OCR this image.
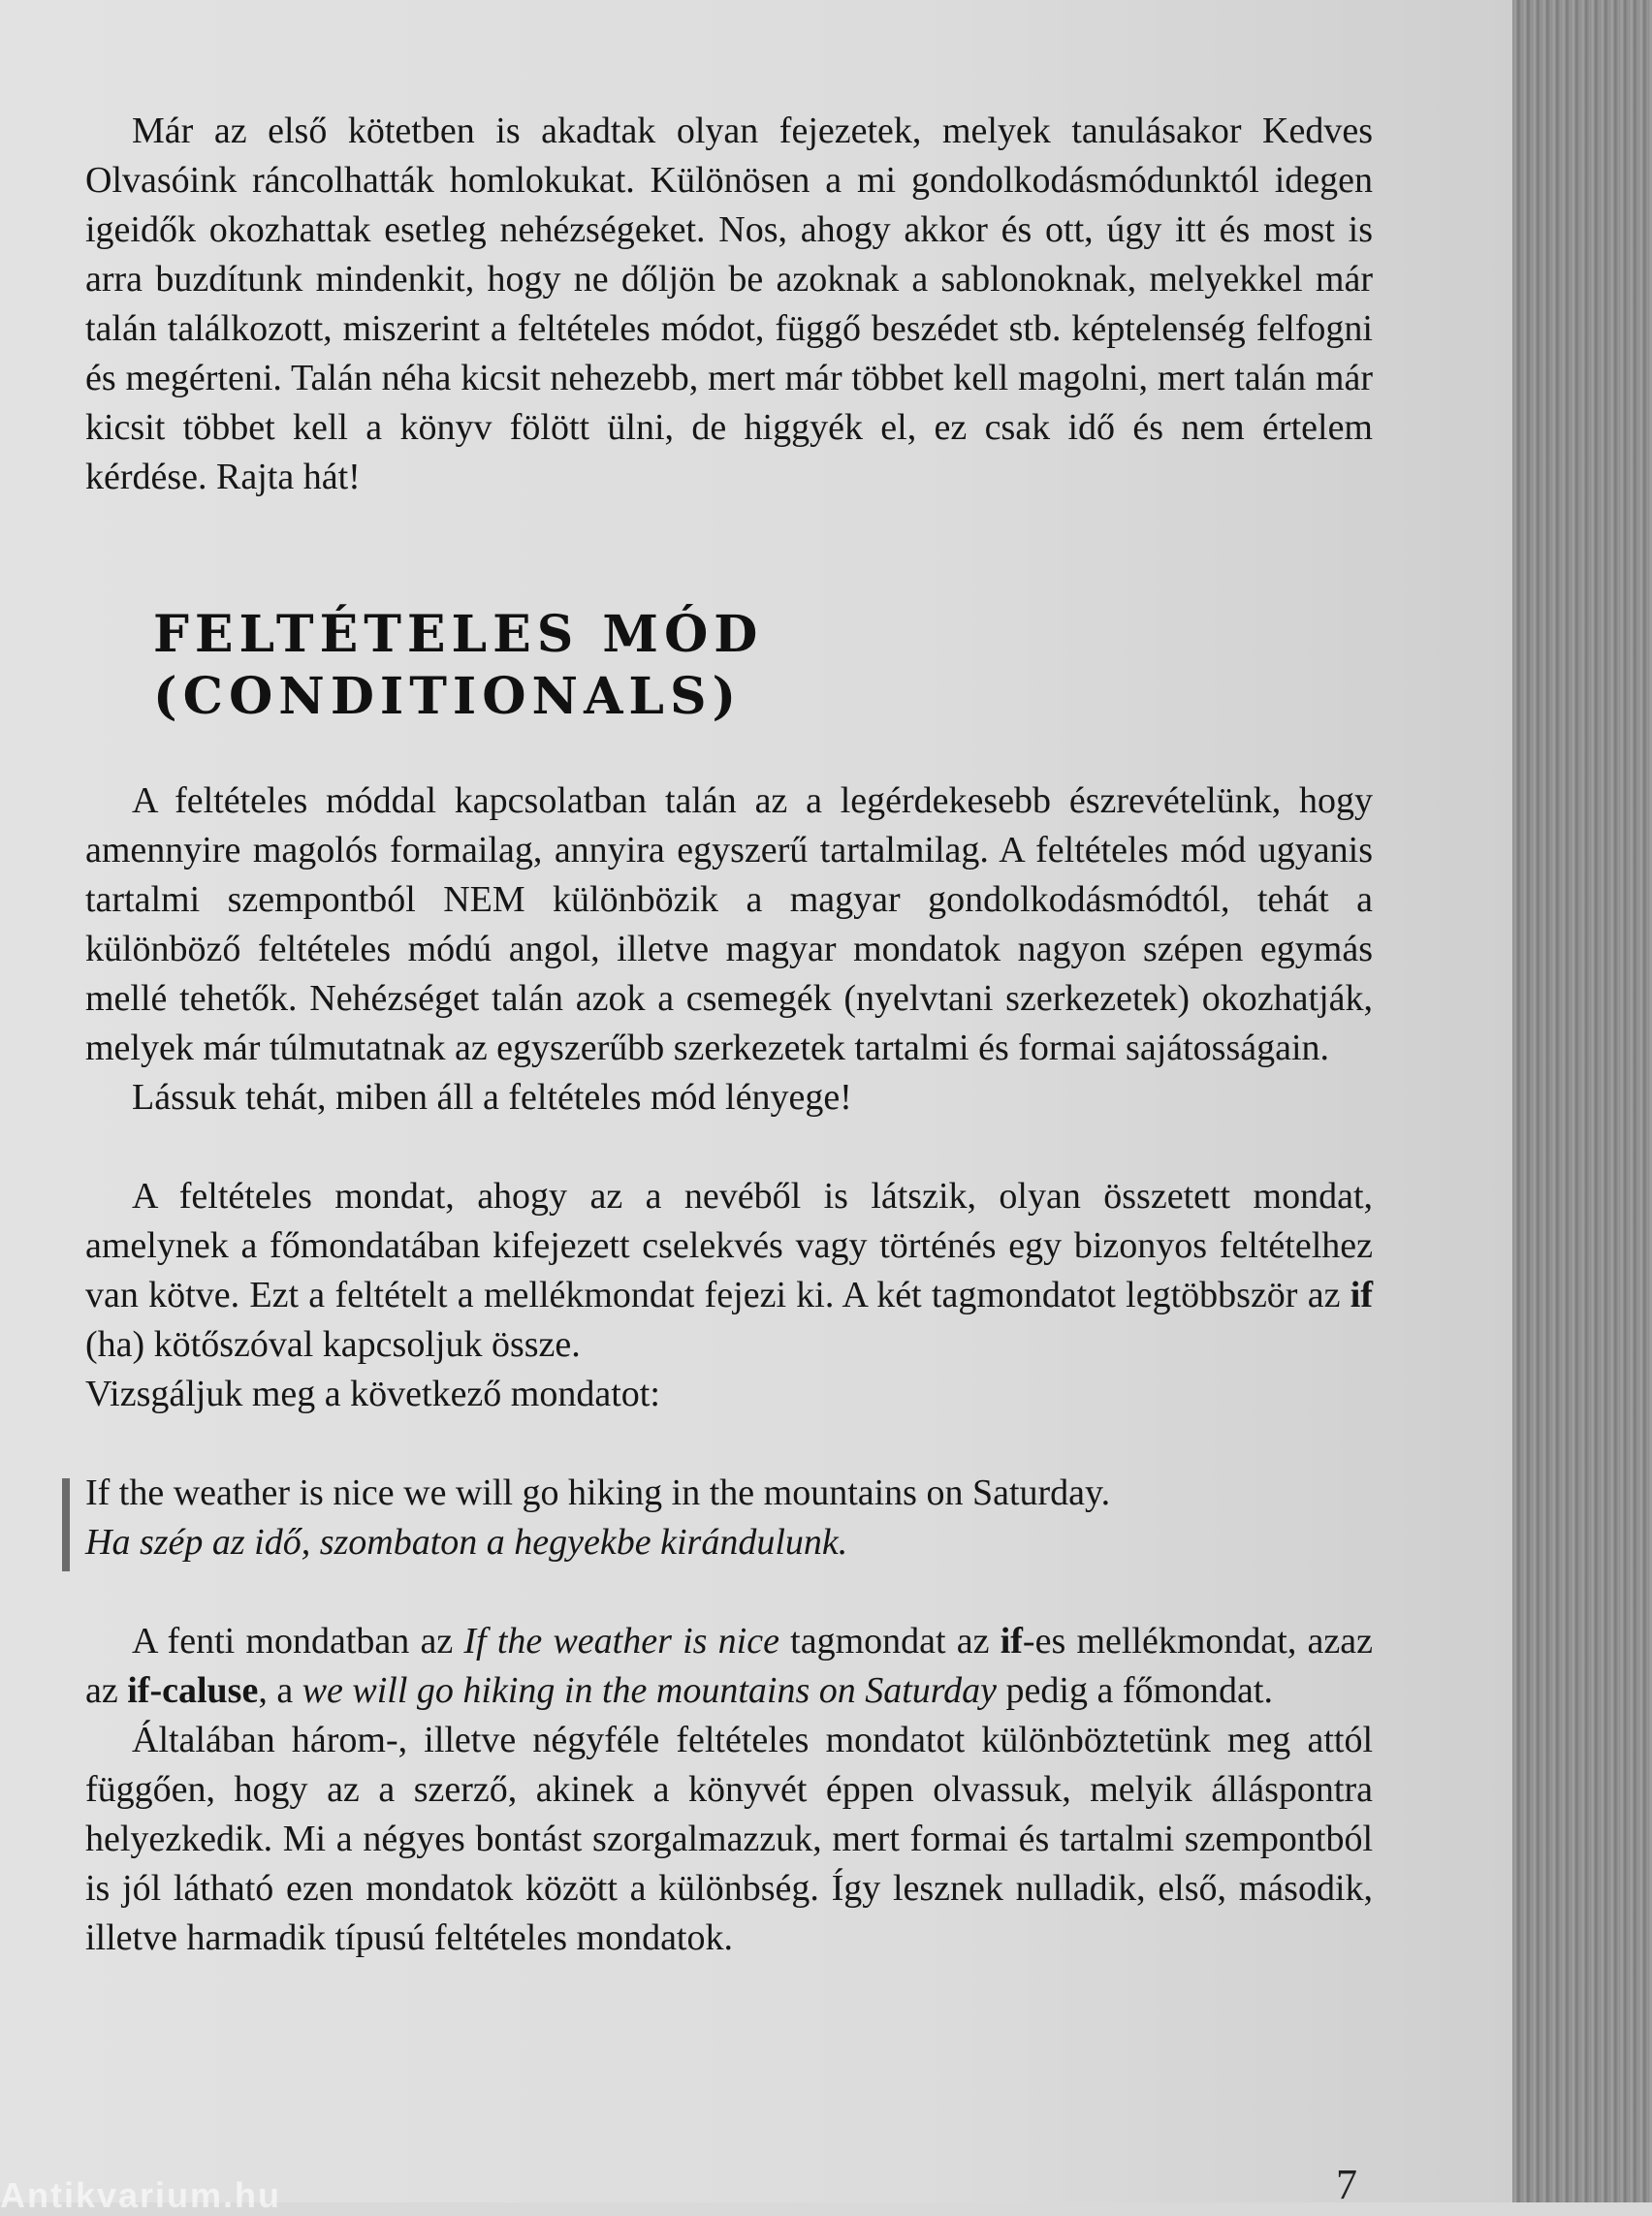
Már az első kötetben is akadtak olyan fejezetek, melyek tanulásakor Kedves Olvasóink ráncolhatták homlokukat. Különösen a mi gondolkodásmódunktól idegen igeidők okozhattak esetleg nehézségeket. Nos, ahogy akkor és ott, úgy itt és most is arra buzdítunk mindenkit, hogy ne dőljön be azoknak a sablonoknak, melyekkel már talán találkozott, miszerint a feltételes módot, függő beszédet stb. képtelenség felfogni és megérteni. Talán néha kicsit nehezebb, mert már többet kell magolni, mert talán már kicsit többet kell a könyv fölött ülni, de higgyék el, ez csak idő és nem értelem kérdése. Rajta hát!

FELTÉTELES MÓD (CONDITIONALS)

A feltételes móddal kapcsolatban talán az a legérdekesebb észrevételünk, hogy amennyire magolós formailag, annyira egyszerű tartalmilag. A feltételes mód ugyanis tartalmi szempontból NEM különbözik a magyar gondolkodásmódtól, tehát a különböző feltételes módú angol, illetve magyar mondatok nagyon szépen egymás mellé tehetők. Nehézséget talán azok a csemegék (nyelvtani szerkezetek) okozhatják, melyek már túlmutatnak az egyszerűbb szerkezetek tartalmi és formai sajátosságain.

Lássuk tehát, miben áll a feltételes mód lényege!

A feltételes mondat, ahogy az a nevéből is látszik, olyan összetett mondat, amelynek a főmondatában kifejezett cselekvés vagy történés egy bizonyos feltételhez van kötve. Ezt a feltételt a mellékmondat fejezi ki. A két tagmondatot legtöbbször az if (ha) kötőszóval kapcsoljuk össze.

Vizsgáljuk meg a következő mondatot:

If the weather is nice we will go hiking in the mountains on Saturday.
Ha szép az idő, szombaton a hegyekbe kirándulunk.

A fenti mondatban az If the weather is nice tagmondat az if-es mellékmondat, azaz az if-caluse, a we will go hiking in the mountains on Saturday pedig a főmondat.

Általában három-, illetve négyféle feltételes mondatot különböztetünk meg attól függően, hogy az a szerző, akinek a könyvét éppen olvassuk, melyik álláspontra helyezkedik. Mi a négyes bontást szorgalmazzuk, mert formai és tartalmi szempontból is jól látható ezen mondatok között a különbség. Így lesznek nulladik, első, második, illetve harmadik típusú feltételes mondatok.

7
Antikvarium.hu
